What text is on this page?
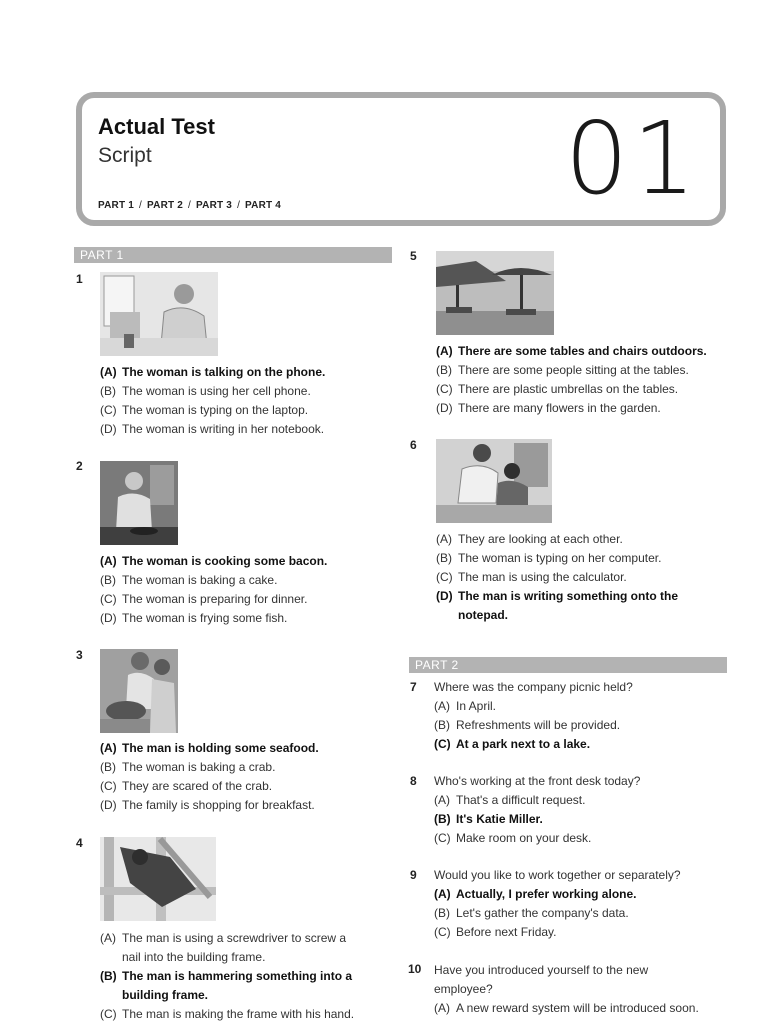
Actual Test
Script
PART 1 / PART 2 / PART 3 / PART 4	01
PART 1
1
(A) The woman is talking on the phone.
(B) The woman is using her cell phone.
(C) The woman is typing on the laptop.
(D) The woman is writing in her notebook.
2
(A) The woman is cooking some bacon.
(B) The woman is baking a cake.
(C) The woman is preparing for dinner.
(D) The woman is frying some fish.
3
(A) The man is holding some seafood.
(B) The woman is baking a crab.
(C) They are scared of the crab.
(D) The family is shopping for breakfast.
4
(A) The man is using a screwdriver to screw a
nail into the building frame.
(B) The man is hammering something into a
building frame.
(C) The man is making the frame with his hand.
5
(A) There are some tables and chairs outdoors.
(B) There are some people sitting at the tables.
(C) There are plastic umbrellas on the tables.
(D) There are many flowers in the garden.
6
(A) They are looking at each other.
(B) The woman is typing on her computer.
(C) The man is using the calculator.
(D) The man is writing something onto the
notepad.
PART 2
7 Where was the company picnic held?
(A) In April.
(B) Refreshments will be provided.
(C) At a park next to a lake.
8 Who's working at the front desk today?
(A) That's a difficult request.
(B) It's Katie Miller.
(C) Make room on your desk.
9 Would you like to work together or separately?
(A) Actually, I prefer working alone.
(B) Let's gather the company's data.
(C) Before next Friday.
10 Have you introduced yourself to the new
employee?
(A) A new reward system will be introduced soon.
